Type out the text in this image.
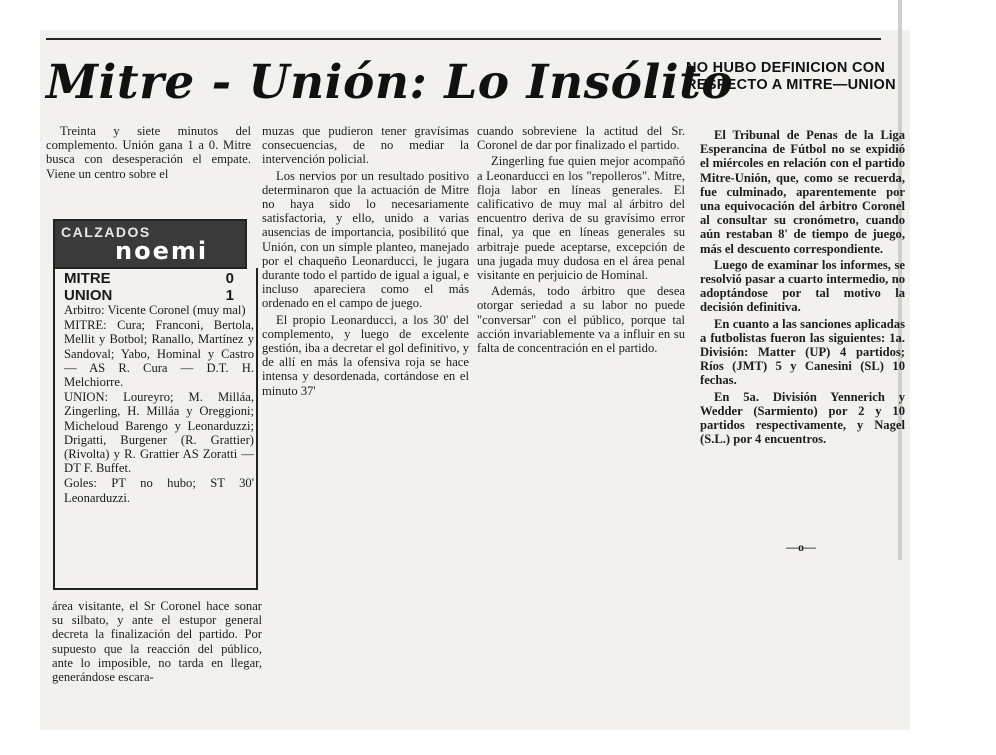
Mitre - Unión: Lo Insólito
NO HUBO DEFINICION CON RESPECTO A MITRE—UNION

Treinta y siete minutos del complemento. Unión gana 1 a 0. Mitre busca con desesperación el empate. Viene un centro sobre el

CALZADOS
noemi
MITRE	0
UNION	1

Arbitro: Vicente Coronel (muy mal)

MITRE: Cura; Franconi, Bertola, Mellit y Botbol; Ranallo, Martínez y Sandoval; Yabo, Hominal y Castro — AS R. Cura — D.T. H. Melchiorre.

UNION: Loureyro; M. Milláa, Zingerling, H. Milláa y Oreggioni; Micheloud Barengo y Leonarduzzi; Drigatti, Burgener (R. Grattier) (Rivolta) y R. Grattier AS Zoratti — DT F. Buffet.

Goles: PT no hubo; ST 30' Leonarduzzi.

área visitante, el Sr Coronel hace sonar su silbato, y ante el estupor general decreta la finalización del partido. Por supuesto que la reacción del público, ante lo imposible, no tarda en llegar, generándose escara-

muzas que pudieron tener gravísimas consecuencias, de no mediar la intervención policial.

Los nervios por un resultado positivo determinaron que la actuación de Mitre no haya sido lo necesariamente satisfactoria, y ello, unido a varias ausencias de importancia, posibilitó que Unión, con un simple planteo, manejado por el chaqueño Leonarducci, le jugara durante todo el partido de igual a igual, e incluso apareciera como el más ordenado en el campo de juego.

El propio Leonarducci, a los 30' del complemento, y luego de excelente gestión, iba a decretar el gol definitivo, y de allí en más la ofensiva roja se hace intensa y desordenada, cortándose en el minuto 37'

cuando sobreviene la actitud del Sr. Coronel de dar por finalizado el partido.

Zingerling fue quien mejor acompañó a Leonarducci en los "repolleros". Mitre, floja labor en líneas generales. El calificativo de muy mal al árbitro del encuentro deriva de su gravísimo error final, ya que en líneas generales su arbitraje puede aceptarse, excepción de una jugada muy dudosa en el área penal visitante en perjuicio de Hominal.

Además, todo árbitro que desea otorgar seriedad a su labor no puede "conversar" con el público, porque tal acción invariablemente va a influir en su falta de concentración en el partido.

El Tribunal de Penas de la Liga Esperancina de Fútbol no se expidió el miércoles en relación con el partido Mitre-Unión, que, como se recuerda, fue culminado, aparentemente por una equivocación del árbitro Coronel al consultar su cronómetro, cuando aún restaban 8' de tiempo de juego, más el descuento correspondiente.

Luego de examinar los informes, se resolvió pasar a cuarto intermedio, no adoptándose por tal motivo la decisión definitiva.

En cuanto a las sanciones aplicadas a futbolistas fueron las siguientes: 1a. División: Matter (UP) 4 partidos; Ríos (JMT) 5 y Canesini (SL) 10 fechas.

En 5a. División Yennerich y Wedder (Sarmiento) por 2 y 10 partidos respectivamente, y Nagel (S.L.) por 4 encuentros.

—o—
